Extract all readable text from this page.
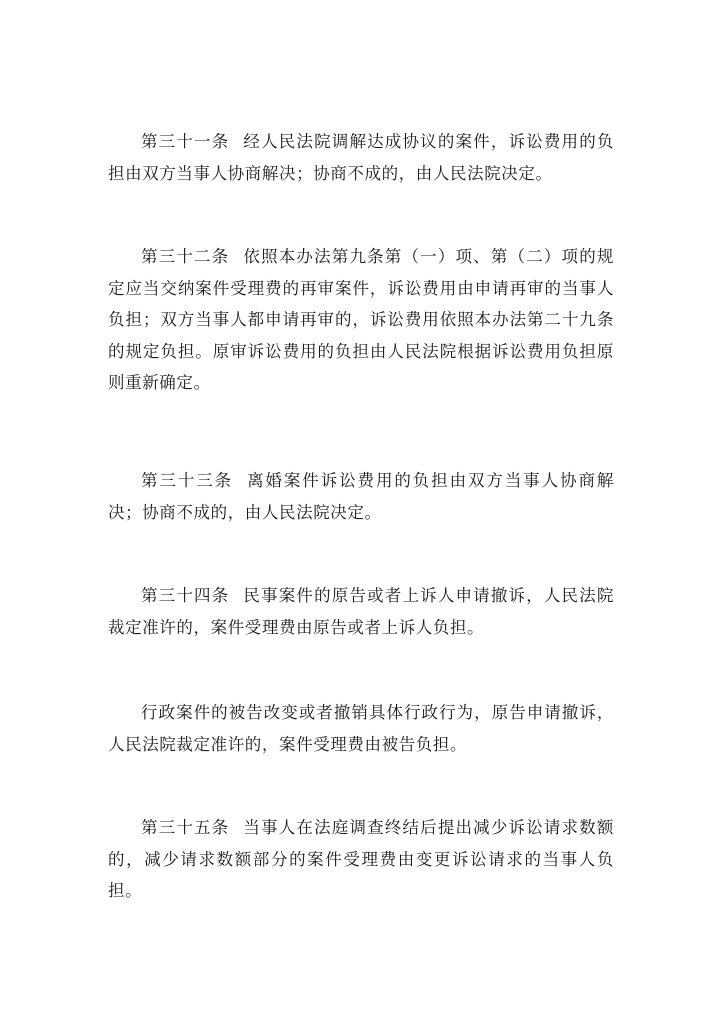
第三十一条 经人民法院调解达成协议的案件，诉讼费用的负担由双方当事人协商解决；协商不成的，由人民法院决定。

第三十二条 依照本办法第九条第（一）项、第（二）项的规定应当交纳案件受理费的再审案件，诉讼费用由申请再审的当事人负担；双方当事人都申请再审的，诉讼费用依照本办法第二十九条的规定负担。原审诉讼费用的负担由人民法院根据诉讼费用负担原则重新确定。

第三十三条 离婚案件诉讼费用的负担由双方当事人协商解决；协商不成的，由人民法院决定。

第三十四条 民事案件的原告或者上诉人申请撤诉，人民法院裁定准许的，案件受理费由原告或者上诉人负担。

行政案件的被告改变或者撤销具体行政行为，原告申请撤诉，人民法院裁定准许的，案件受理费由被告负担。

第三十五条 当事人在法庭调查终结后提出减少诉讼请求数额的，减少请求数额部分的案件受理费由变更诉讼请求的当事人负担。
